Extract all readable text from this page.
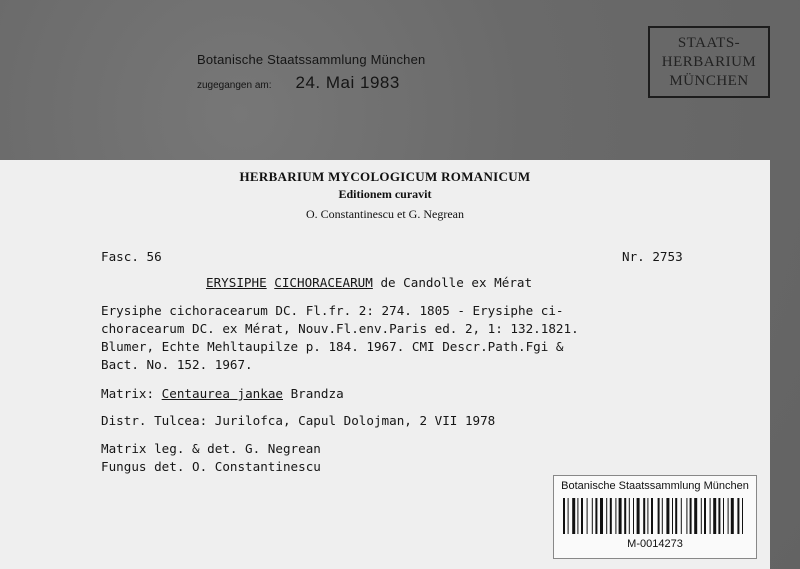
Botanische Staatssammlung München
zugegangen am: 24. Mai 1983
STAATS-
HERBARIUM
MÜNCHEN
HERBARIUM MYCOLOGICUM ROMANICUM
Editionem curavit
O. Constantinescu et G. Negrean
Fasc. 56	Nr. 2753
ERYSIPHE CICHORACEARUM de Candolle ex Mérat
Erysiphe cichoracearum DC. Fl.fr. 2: 274. 1805 - Erysiphe ci-
choracearum DC. ex Mérat, Nouv.Fl.env.Paris ed. 2, 1: 132.1821.
Blumer, Echte Mehltaupilze p. 184. 1967. CMI Descr.Path.Fgi &
Bact. No. 152. 1967.
Matrix: Centaurea jankae Brandza
Distr. Tulcea: Jurilofca, Capul Dolojman, 2 VII 1978
Matrix leg. & det. G. Negrean
Fungus det. O. Constantinescu
Botanische Staatssammlung München
M-0014273
